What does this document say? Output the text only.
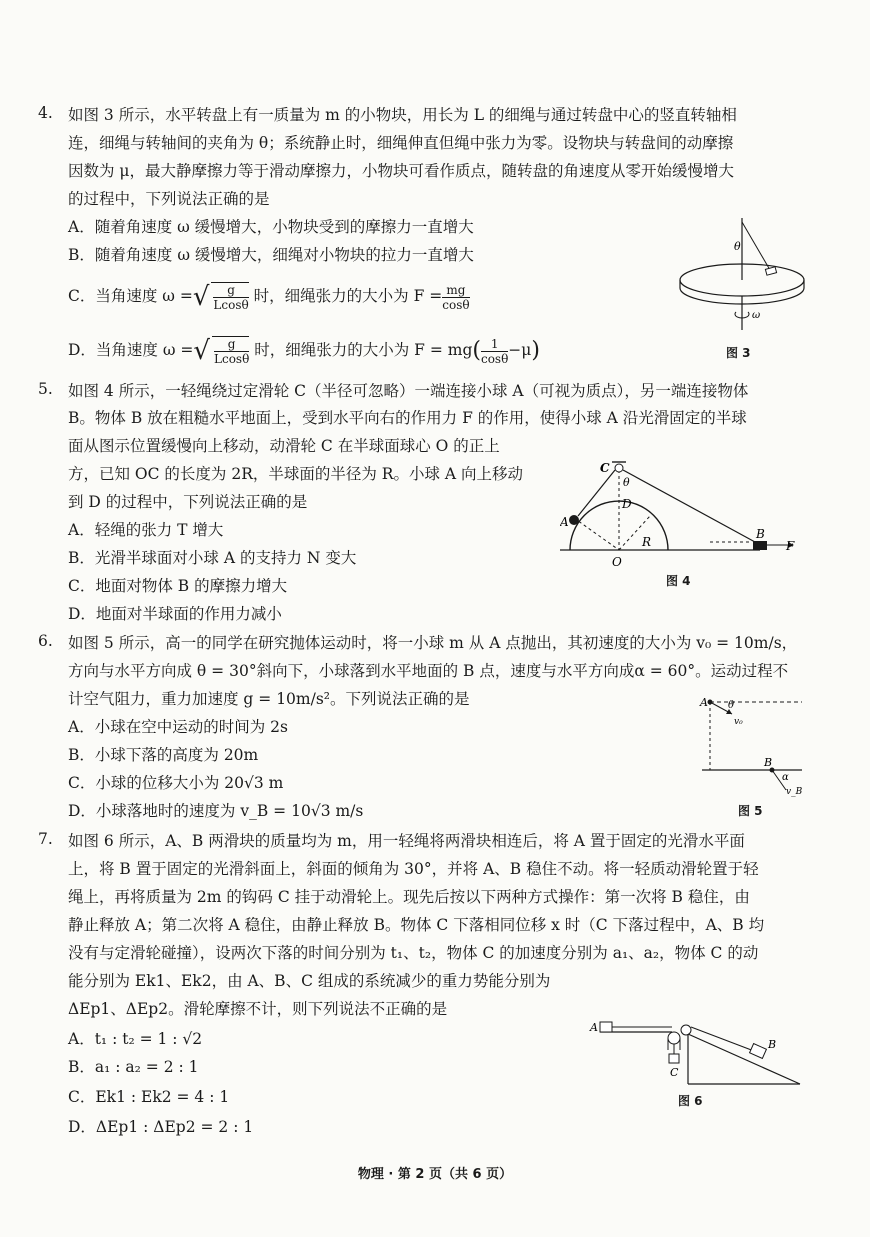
4. 如图 3 所示，水平转盘上有一质量为 m 的小物块，用长为 L 的细绳与通过转盘中心的竖直转轴相
连，细绳与转轴间的夹角为 θ；系统静止时，细绳伸直但绳中张力为零。设物块与转盘间的动摩擦
因数为 μ，最大静摩擦力等于滑动摩擦力，小物块可看作质点，随转盘的角速度从零开始缓慢增大
的过程中，下列说法正确的是
A．随着角速度 ω 缓慢增大，小物块受到的摩擦力一直增大
B．随着角速度 ω 缓慢增大，细绳对小物块的拉力一直增大
C．当角速度 ω =√ $\frac{g}{Lcos\theta}$ 时，细绳张力的大小为 $F = \frac{mg}{\cos\theta}$
D．当角速度 ω =√ $\frac{g}{Lcos\theta}$ 时，细绳张力的大小为 $F = mg( \frac{1}{\cos\theta} -\mu)$
θ
ω
图 3
5. 如图 4 所示，一轻绳绕过定滑轮 C（半径可忽略）一端连接小球 A（可视为质点），另一端连接物体
B。物体 B 放在粗糙水平地面上，受到水平向右的作用力 F 的作用，使得小球 A 沿光滑固定的半球
面从图示位置缓慢向上移动，动滑轮 C 在半球面球心 O 的正上
方，已知 OC 的长度为 2R，半球面的半径为 R。小球 A 向上移动
到 D 的过程中，下列说法正确的是
A．轻绳的张力 T 增大
B．光滑半球面对小球 A 的支持力 N 变大
C．地面对物体 B 的摩擦力增大
D．地面对半球面的作用力减小
C
θ
D
A
R
O
B
F
图 4
6. 如图 5 所示，高一的同学在研究抛体运动时，将一小球 m 从 A 点抛出，其初速度的大小为 v₀ = 10m/s，
方向与水平方向成 θ = 30°斜向下，小球落到水平地面的 B 点，速度与水平方向成α = 60°。运动过程不
计空气阻力，重力加速度 g = 10m/s²。下列说法正确的是
A．小球在空中运动的时间为 2s
B．小球下落的高度为 20m
C．小球的位移大小为 20√3 m
D．小球落地时的速度为 v_B = 10√3 m/s
A θ
v₀
B
α
v_B
图 5
7. 如图 6 所示，A、B 两滑块的质量均为 m，用一轻绳将两滑块相连后，将 A 置于固定的光滑水平面
上，将 B 置于固定的光滑斜面上，斜面的倾角为 30°，并将 A、B 稳住不动。将一轻质动滑轮置于轻
绳上，再将质量为 2m 的钩码 C 挂于动滑轮上。现先后按以下两种方式操作：第一次将 B 稳住，由
静止释放 A；第二次将 A 稳住，由静止释放 B。物体 C 下落相同位移 x 时（C 下落过程中，A、B 均
没有与定滑轮碰撞），设两次下落的时间分别为 t₁、t₂，物体 C 的加速度分别为 a₁、a₂，物体 C 的动
能分别为 Ek1、Ek2，由 A、B、C 组成的系统减少的重力势能分别为
ΔEp1、ΔEp2。滑轮摩擦不计，则下列说法不正确的是
A．t₁ : t₂ = 1 : √2
B．a₁ : a₂ = 2 : 1
C．Ek1 : Ek2 = 4 : 1
D．ΔEp1 : ΔEp2 = 2 : 1
A
B
C
图 6
物理 · 第 2 页（共 6 页）
